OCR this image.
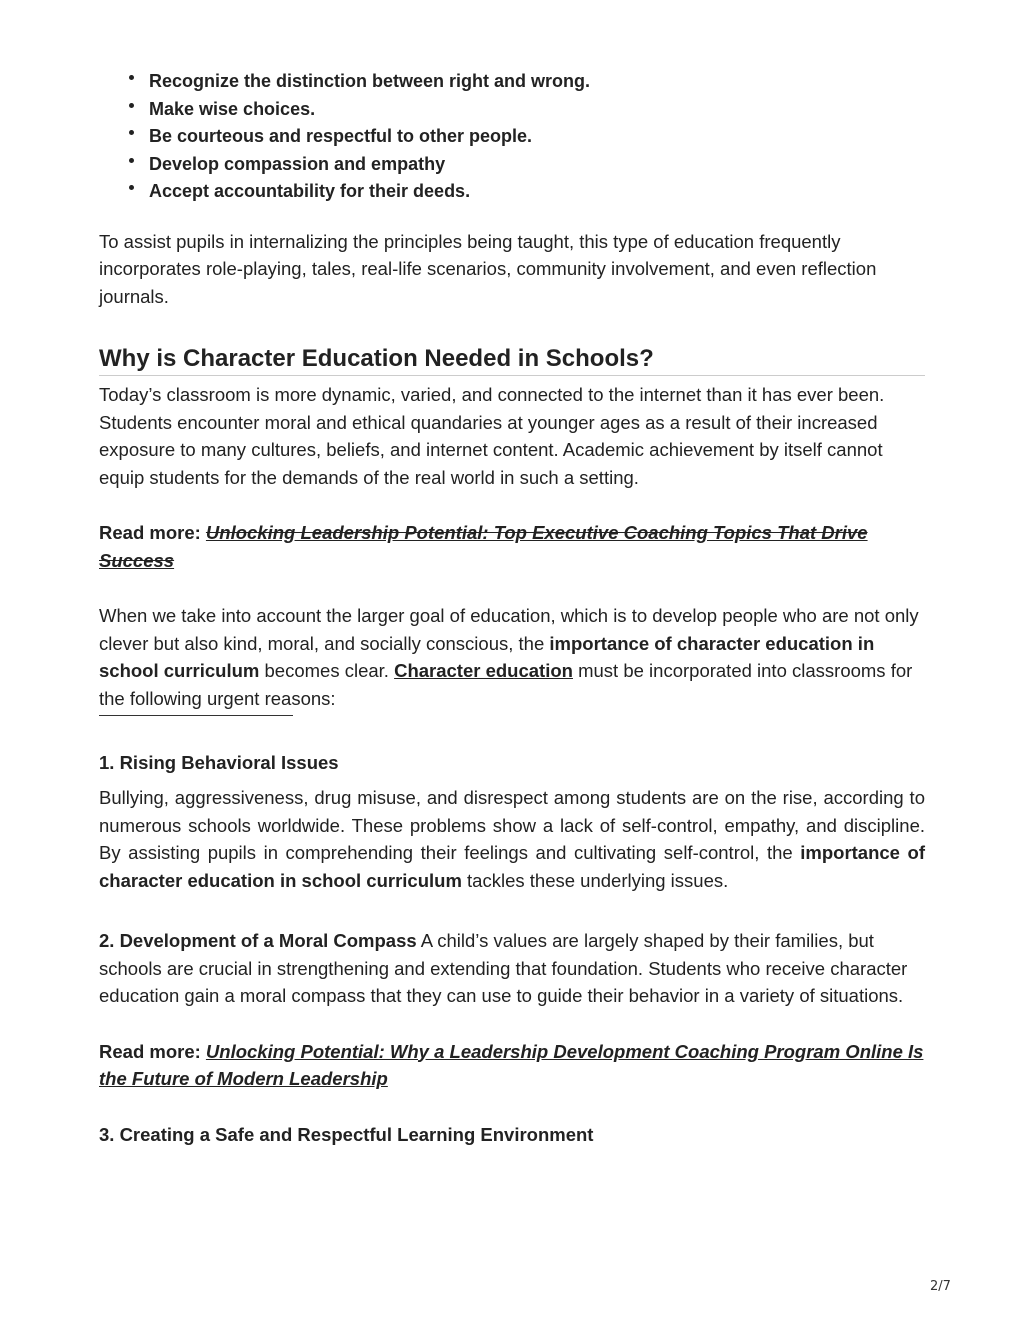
Recognize the distinction between right and wrong.
Make wise choices.
Be courteous and respectful to other people.
Develop compassion and empathy
Accept accountability for their deeds.

To assist pupils in internalizing the principles being taught, this type of education frequently incorporates role-playing, tales, real-life scenarios, community involvement, and even reflection journals.

Why is Character Education Needed in Schools?

Today’s classroom is more dynamic, varied, and connected to the internet than it has ever been. Students encounter moral and ethical quandaries at younger ages as a result of their increased exposure to many cultures, beliefs, and internet content. Academic achievement by itself cannot equip students for the demands of the real world in such a setting.

Read more: Unlocking Leadership Potential: Top Executive Coaching Topics That Drive Success

When we take into account the larger goal of education, which is to develop people who are not only clever but also kind, moral, and socially conscious, the importance of character education in school curriculum becomes clear. Character education must be incorporated into classrooms for the following urgent reasons:

1. Rising Behavioral Issues

Bullying, aggressiveness, drug misuse, and disrespect among students are on the rise, according to numerous schools worldwide. These problems show a lack of self-control, empathy, and discipline. By assisting pupils in comprehending their feelings and cultivating self-control, the importance of character education in school curriculum tackles these underlying issues.

2. Development of a Moral Compass A child’s values are largely shaped by their families, but schools are crucial in strengthening and extending that foundation. Students who receive character education gain a moral compass that they can use to guide their behavior in a variety of situations.

Read more: Unlocking Potential: Why a Leadership Development Coaching Program Online Is the Future of Modern Leadership

3. Creating a Safe and Respectful Learning Environment
2/7
